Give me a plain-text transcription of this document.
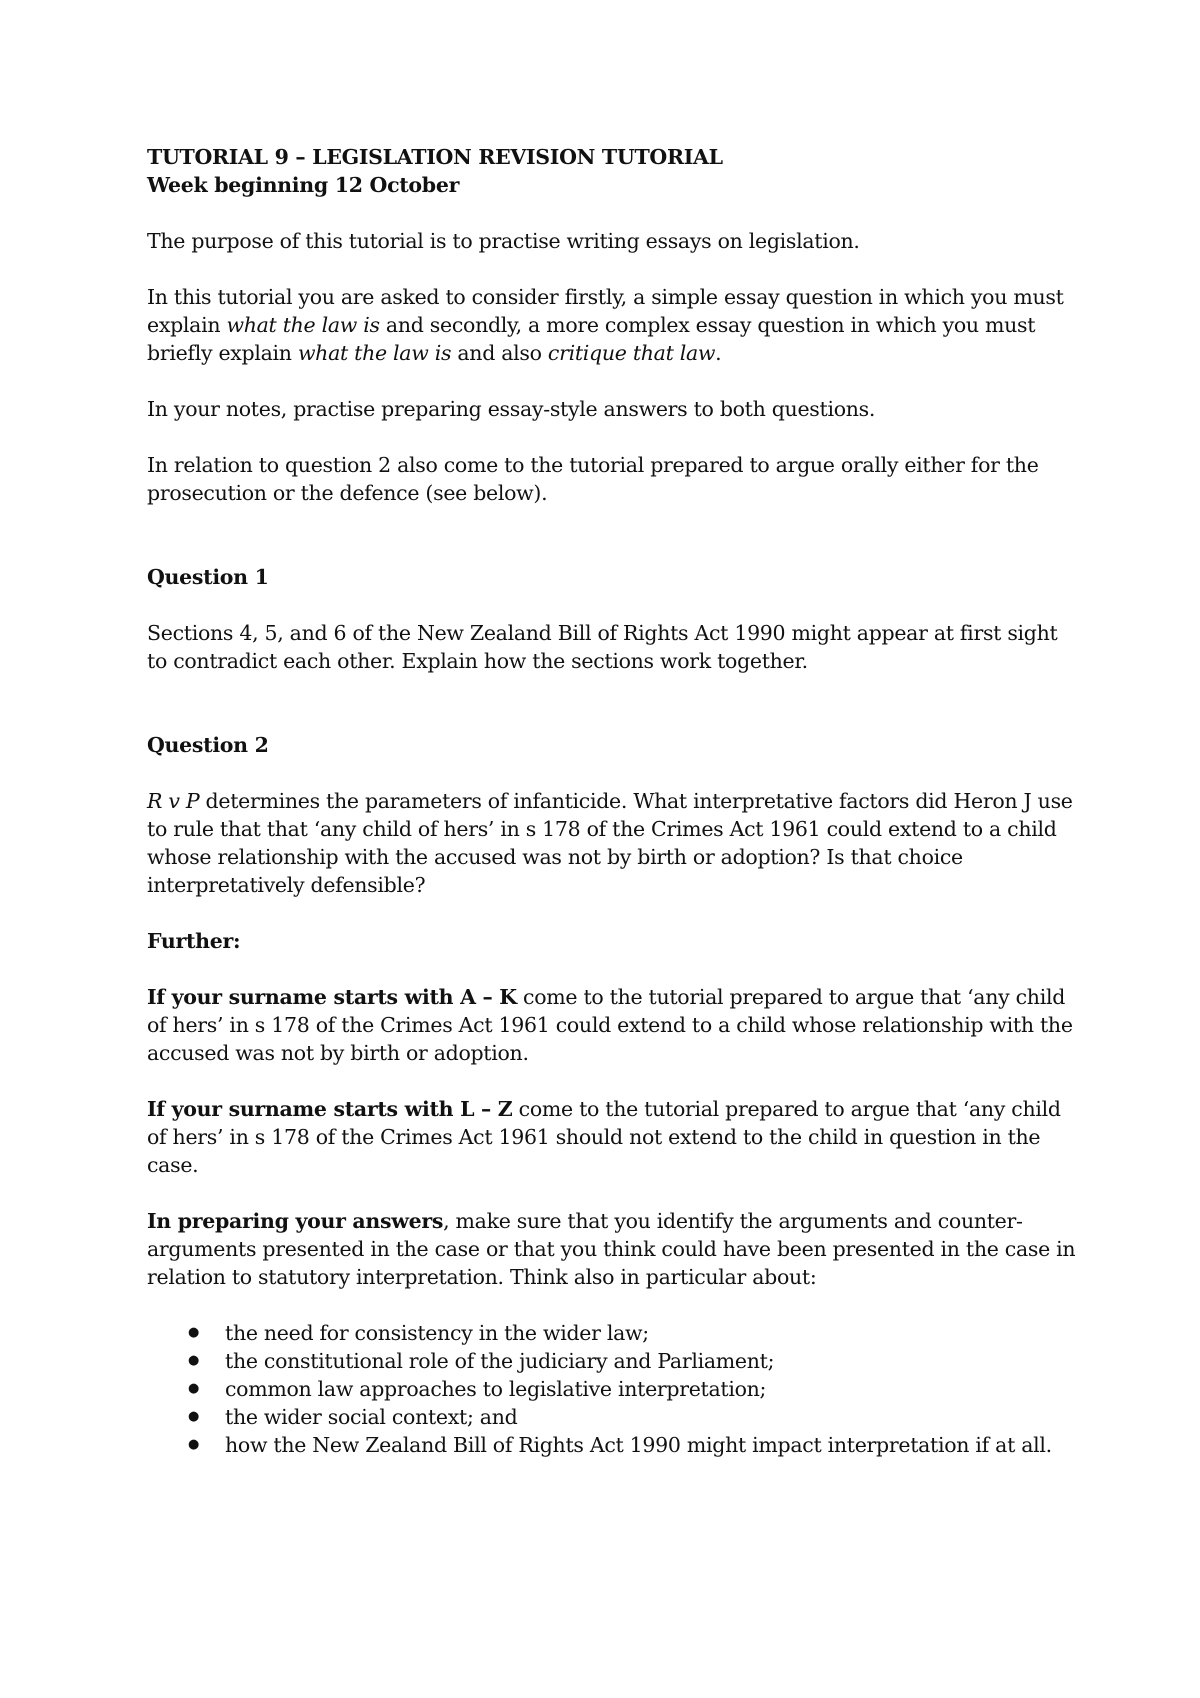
TUTORIAL 9 – LEGISLATION REVISION TUTORIAL

Week beginning 12 October

The purpose of this tutorial is to practise writing essays on legislation.

In this tutorial you are asked to consider firstly, a simple essay question in which you must explain what the law is and secondly, a more complex essay question in which you must briefly explain what the law is and also critique that law.

In your notes, practise preparing essay-style answers to both questions.

In relation to question 2 also come to the tutorial prepared to argue orally either for the prosecution or the defence (see below).

Question 1

Sections 4, 5, and 6 of the New Zealand Bill of Rights Act 1990 might appear at first sight to contradict each other. Explain how the sections work together.

Question 2

R v P determines the parameters of infanticide. What interpretative factors did Heron J use to rule that that ‘any child of hers’ in s 178 of the Crimes Act 1961 could extend to a child whose relationship with the accused was not by birth or adoption? Is that choice interpretatively defensible?

Further:

If your surname starts with A – K come to the tutorial prepared to argue that ‘any child of hers’ in s 178 of the Crimes Act 1961 could extend to a child whose relationship with the accused was not by birth or adoption.

If your surname starts with L – Z come to the tutorial prepared to argue that ‘any child of hers’ in s 178 of the Crimes Act 1961 should not extend to the child in question in the case.

In preparing your answers, make sure that you identify the arguments and counter-arguments presented in the case or that you think could have been presented in the case in relation to statutory interpretation. Think also in particular about:

● the need for consistency in the wider law;
● the constitutional role of the judiciary and Parliament;
● common law approaches to legislative interpretation;
● the wider social context; and
● how the New Zealand Bill of Rights Act 1990 might impact interpretation if at all.
